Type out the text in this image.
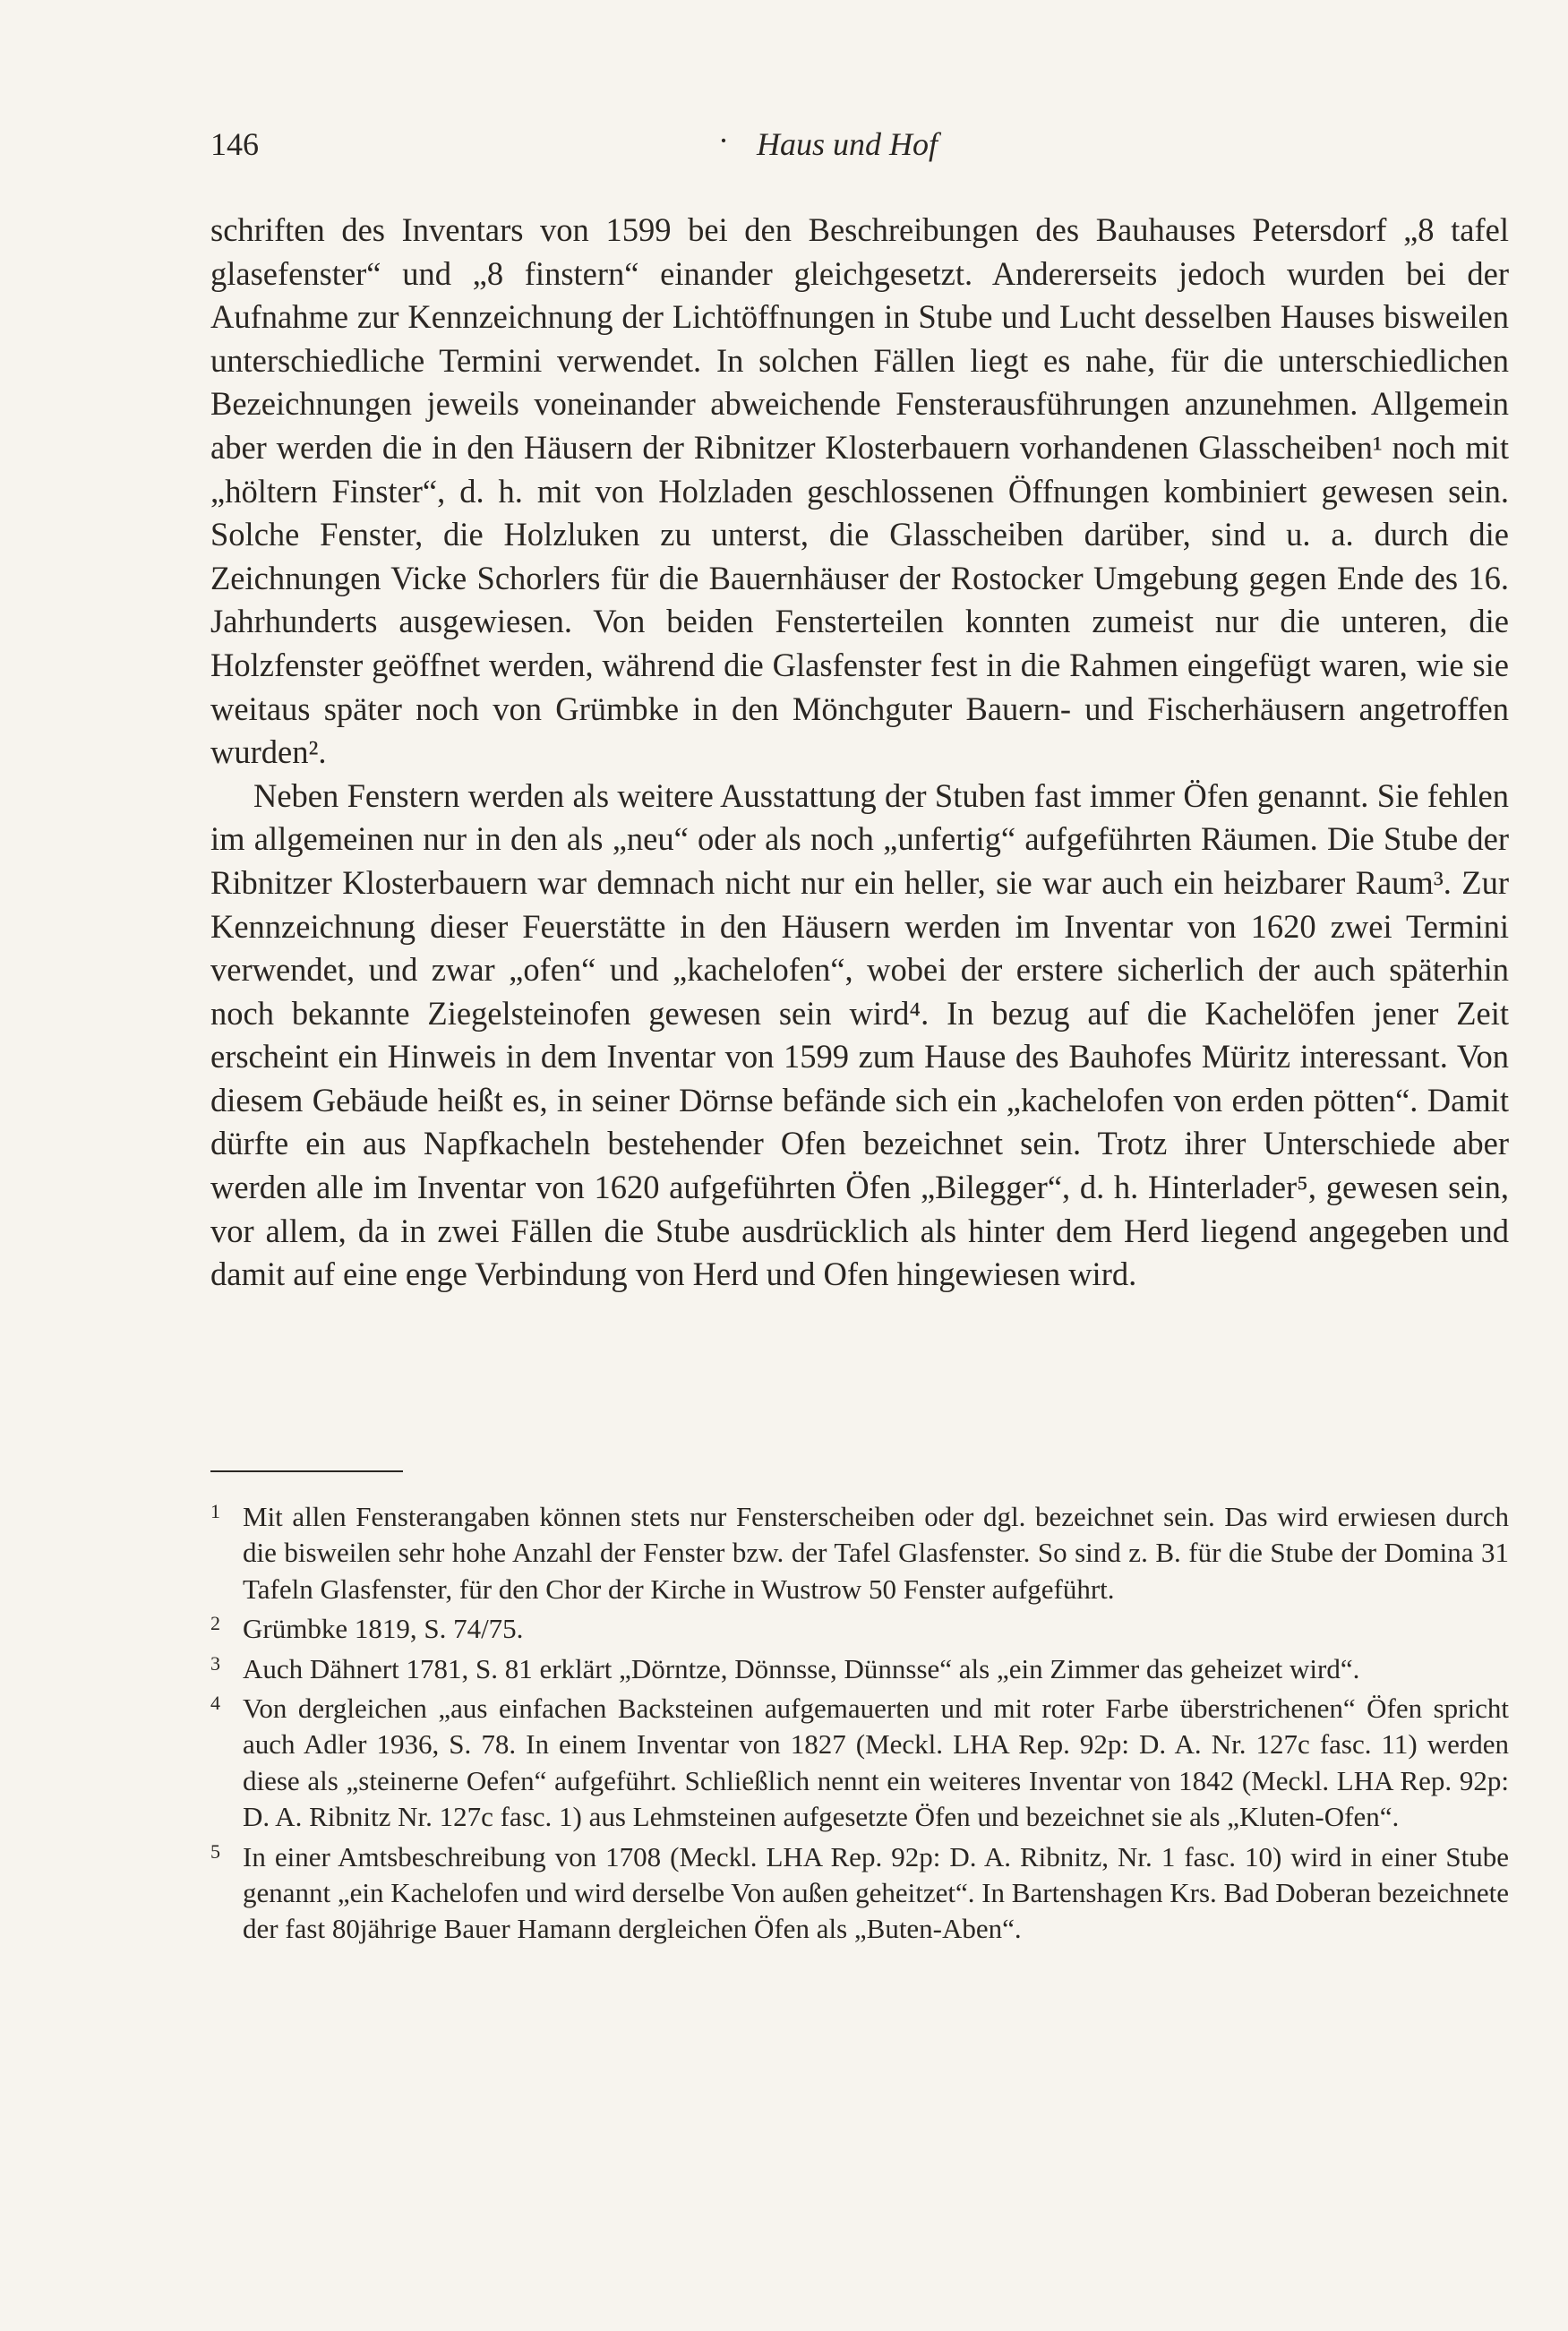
146	· Haus und Hof

schriften des Inventars von 1599 bei den Beschreibungen des Bauhauses Petersdorf „8 tafel glasefenster“ und „8 finstern“ einander gleichgesetzt. Andererseits jedoch wurden bei der Aufnahme zur Kennzeichnung der Lichtöffnungen in Stube und Lucht desselben Hauses bisweilen unterschiedliche Termini verwendet. In solchen Fällen liegt es nahe, für die unterschiedlichen Bezeichnungen jeweils voneinander abweichende Fensterausführungen anzunehmen. Allgemein aber werden die in den Häusern der Ribnitzer Klosterbauern vorhandenen Glasscheiben¹ noch mit „höltern Finster“, d. h. mit von Holzladen geschlossenen Öffnungen kombiniert gewesen sein. Solche Fenster, die Holzluken zu unterst, die Glasscheiben darüber, sind u. a. durch die Zeichnungen Vicke Schorlers für die Bauernhäuser der Rostocker Umgebung gegen Ende des 16. Jahrhunderts ausgewiesen. Von beiden Fensterteilen konnten zumeist nur die unteren, die Holzfenster geöffnet werden, während die Glasfenster fest in die Rahmen eingefügt waren, wie sie weitaus später noch von Grümbke in den Mönchguter Bauern- und Fischerhäusern angetroffen wurden².

Neben Fenstern werden als weitere Ausstattung der Stuben fast immer Öfen genannt. Sie fehlen im allgemeinen nur in den als „neu“ oder als noch „unfertig“ aufgeführten Räumen. Die Stube der Ribnitzer Klosterbauern war demnach nicht nur ein heller, sie war auch ein heizbarer Raum³. Zur Kennzeichnung dieser Feuerstätte in den Häusern werden im Inventar von 1620 zwei Termini verwendet, und zwar „ofen“ und „kachelofen“, wobei der erstere sicherlich der auch späterhin noch bekannte Ziegelsteinofen gewesen sein wird⁴. In bezug auf die Kachelöfen jener Zeit erscheint ein Hinweis in dem Inventar von 1599 zum Hause des Bauhofes Müritz interessant. Von diesem Gebäude heißt es, in seiner Dörnse befände sich ein „kachelofen von erden pötten“. Damit dürfte ein aus Napfkacheln bestehender Ofen bezeichnet sein. Trotz ihrer Unterschiede aber werden alle im Inventar von 1620 aufgeführten Öfen „Bilegger“, d. h. Hinterlader⁵, gewesen sein, vor allem, da in zwei Fällen die Stube ausdrücklich als hinter dem Herd liegend angegeben und damit auf eine enge Verbindung von Herd und Ofen hingewiesen wird.

1 Mit allen Fensterangaben können stets nur Fensterscheiben oder dgl. bezeichnet sein. Das wird erwiesen durch die bisweilen sehr hohe Anzahl der Fenster bzw. der Tafel Glasfenster. So sind z. B. für die Stube der Domina 31 Tafeln Glasfenster, für den Chor der Kirche in Wustrow 50 Fenster aufgeführt.
2 Grümbke 1819, S. 74/75.
3 Auch Dähnert 1781, S. 81 erklärt „Dörntze, Dönnsse, Dünnsse“ als „ein Zimmer das geheizet wird“.
4 Von dergleichen „aus einfachen Backsteinen aufgemauerten und mit roter Farbe überstrichenen“ Öfen spricht auch Adler 1936, S. 78. In einem Inventar von 1827 (Meckl. LHA Rep. 92p: D. A. Nr. 127c fasc. 11) werden diese als „steinerne Oefen“ aufgeführt. Schließlich nennt ein weiteres Inventar von 1842 (Meckl. LHA Rep. 92p: D. A. Ribnitz Nr. 127c fasc. 1) aus Lehmsteinen aufgesetzte Öfen und bezeichnet sie als „Kluten-Ofen“.
5 In einer Amtsbeschreibung von 1708 (Meckl. LHA Rep. 92p: D. A. Ribnitz, Nr. 1 fasc. 10) wird in einer Stube genannt „ein Kachelofen und wird derselbe Von außen geheitzet“. In Bartenshagen Krs. Bad Doberan bezeichnete der fast 80jährige Bauer Hamann dergleichen Öfen als „Buten-Aben“.
